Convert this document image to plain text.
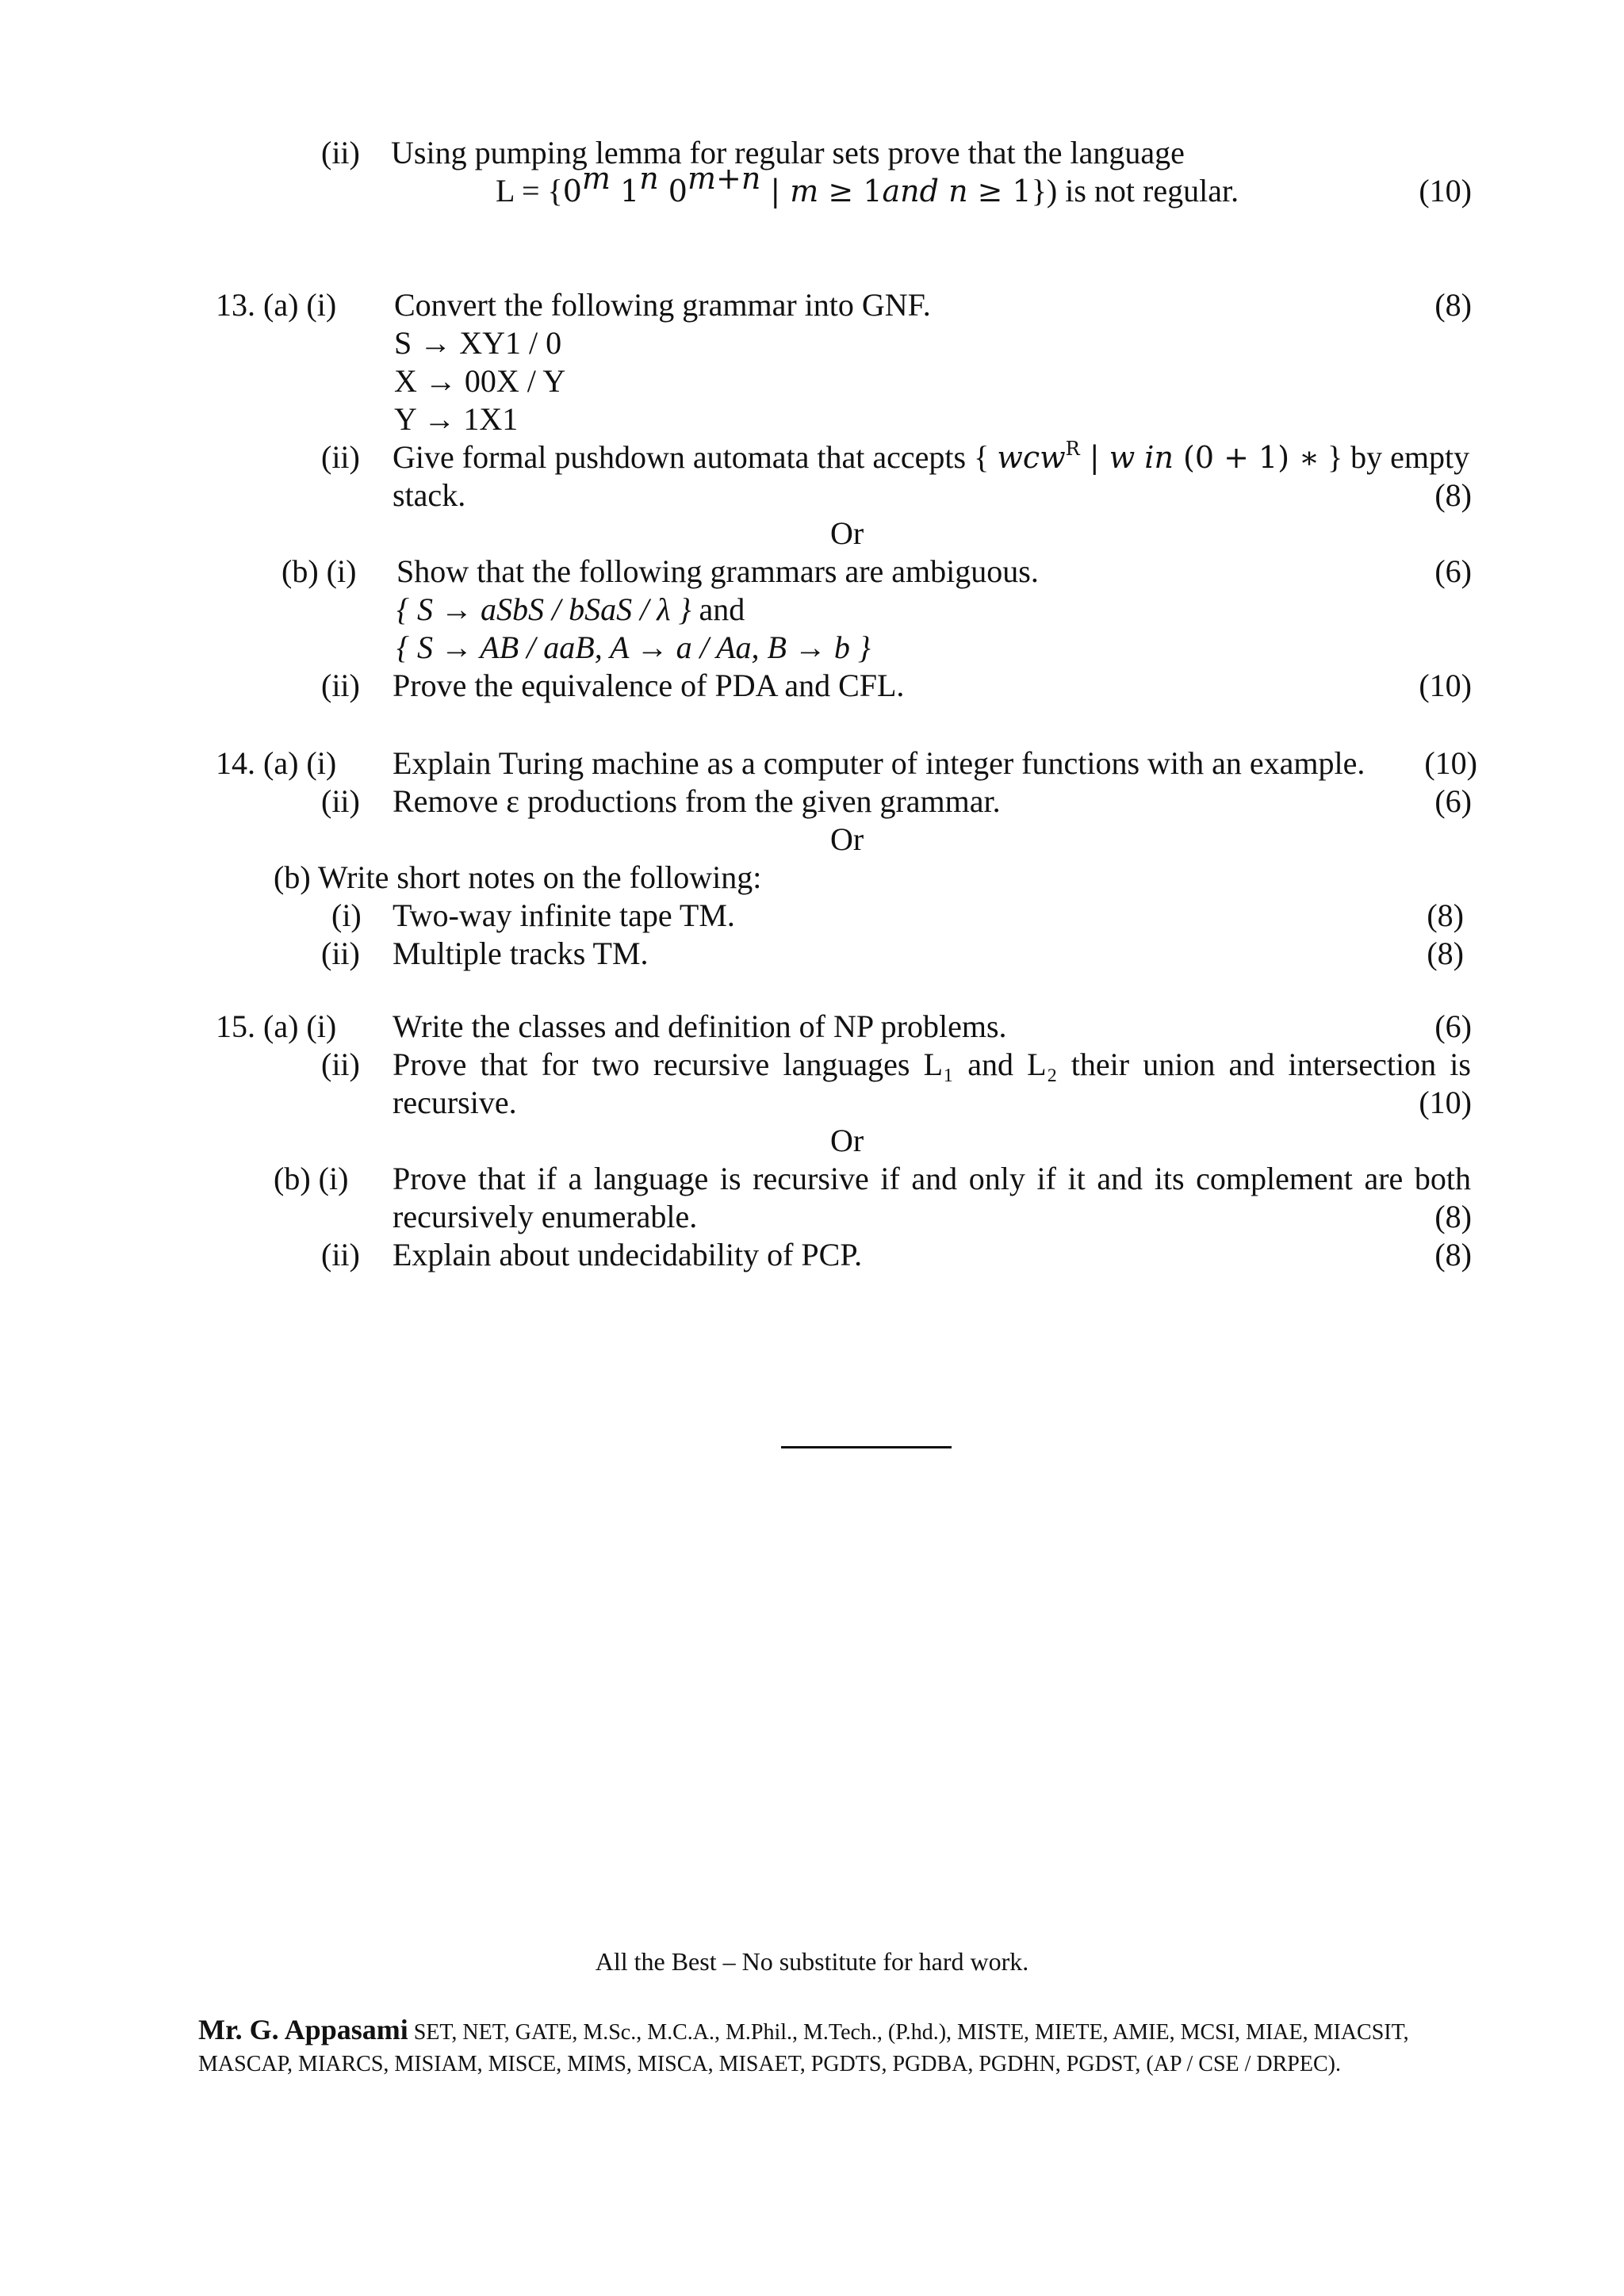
(ii) Using pumping lemma for regular sets prove that the language
$L = \{0^m$ 1$^n$ $0^{m+n}$ | m ≥ 1and n ≥ 1}) is not regular.	(10)
13. (a) (i) Convert the following grammar into GNF.	(8)
S → XY1 / 0
X → 00X / Y
Y → 1X1
(ii) Give formal pushdown automata that accepts { wcw$^R$ | w in (0 + 1) ∗ } by empty
stack.	(8)
Or
(b) (i) Show that the following grammars are ambiguous.	(6)
{ S → aSbS / bSaS / λ } and
{ S → AB / aaB, A → a / Aa, B → b }
(ii) Prove the equivalence of PDA and CFL.	(10)
14. (a) (i) Explain Turing machine as a computer of integer functions with an example. (10)
(ii) Remove ε productions from the given grammar.	(6)
Or
(b) Write short notes on the following:
(i) Two-way infinite tape TM.	(8)
(ii) Multiple tracks TM.	(8)
15. (a) (i) Write the classes and definition of NP problems.	(6)
(ii) Prove that for two recursive languages L₁ and L₂ their union and intersection is
recursive.	(10)
Or
(b) (i) Prove that if a language is recursive if and only if it and its complement are both
recursively enumerable.	(8)
(ii) Explain about undecidability of PCP.	(8)
All the Best – No substitute for hard work.
Mr. G. Appasami SET, NET, GATE, M.Sc., M.C.A., M.Phil., M.Tech., (P.hd.), MISTE, MIETE, AMIE, MCSI, MIAE, MIACSIT,
MASCAP, MIARCS, MISIAM, MISCE, MIMS, MISCA, MISAET, PGDTS, PGDBA, PGDHN, PGDST, (AP / CSE / DRPEC).
